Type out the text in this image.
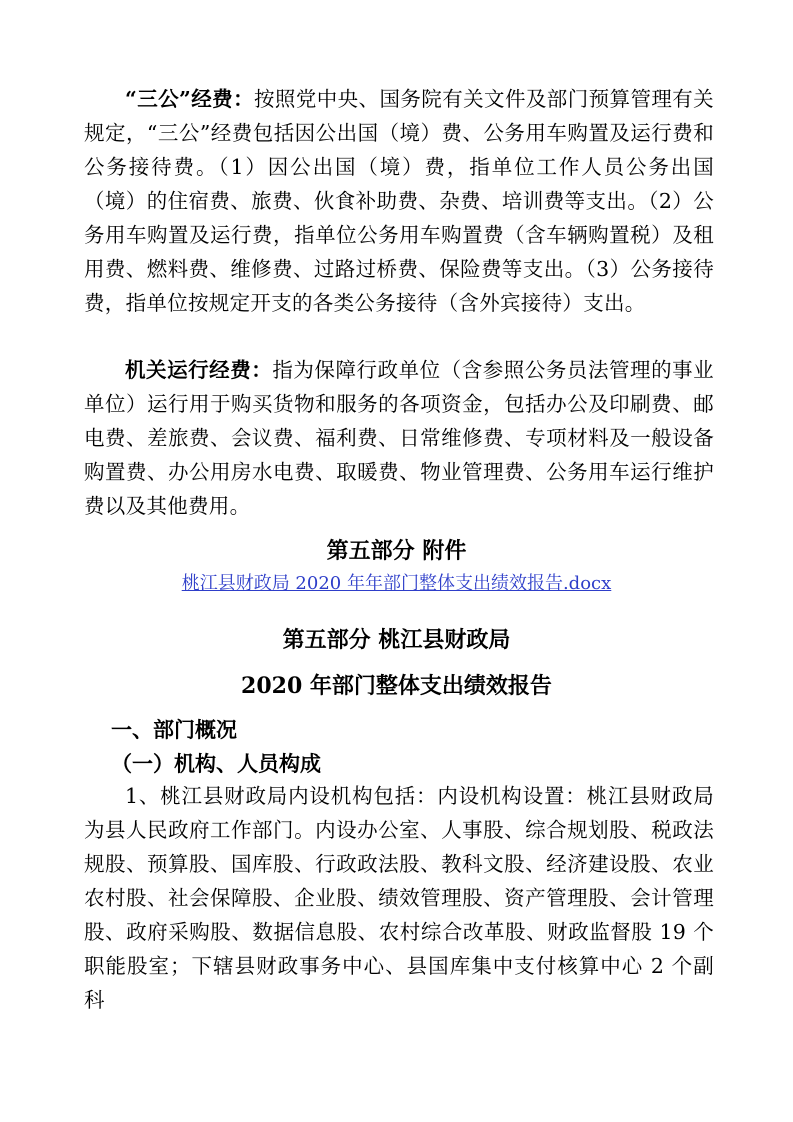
“三公”经费：按照党中央、国务院有关文件及部门预算管理有关规定，“三公”经费包括因公出国（境）费、公务用车购置及运行费和公务接待费。（1）因公出国（境）费，指单位工作人员公务出国（境）的住宿费、旅费、伙食补助费、杂费、培训费等支出。（2）公务用车购置及运行费，指单位公务用车购置费（含车辆购置税）及租用费、燃料费、维修费、过路过桥费、保险费等支出。（3）公务接待费，指单位按规定开支的各类公务接待（含外宾接待）支出。

机关运行经费：指为保障行政单位（含参照公务员法管理的事业单位）运行用于购买货物和服务的各项资金，包括办公及印刷费、邮电费、差旅费、会议费、福利费、日常维修费、专项材料及一般设备购置费、办公用房水电费、取暖费、物业管理费、公务用车运行维护费以及其他费用。

第五部分 附件
桃江县财政局 2020 年年部门整体支出绩效报告.docx
第五部分 桃江县财政局
2020 年部门整体支出绩效报告
一、部门概况
（一）机构、人员构成

1、桃江县财政局内设机构包括：内设机构设置：桃江县财政局为县人民政府工作部门。内设办公室、人事股、综合规划股、税政法规股、预算股、国库股、行政政法股、教科文股、经济建设股、农业农村股、社会保障股、企业股、绩效管理股、资产管理股、会计管理股、政府采购股、数据信息股、农村综合改革股、财政监督股 19 个职能股室；下辖县财政事务中心、县国库集中支付核算中心 2 个副科
